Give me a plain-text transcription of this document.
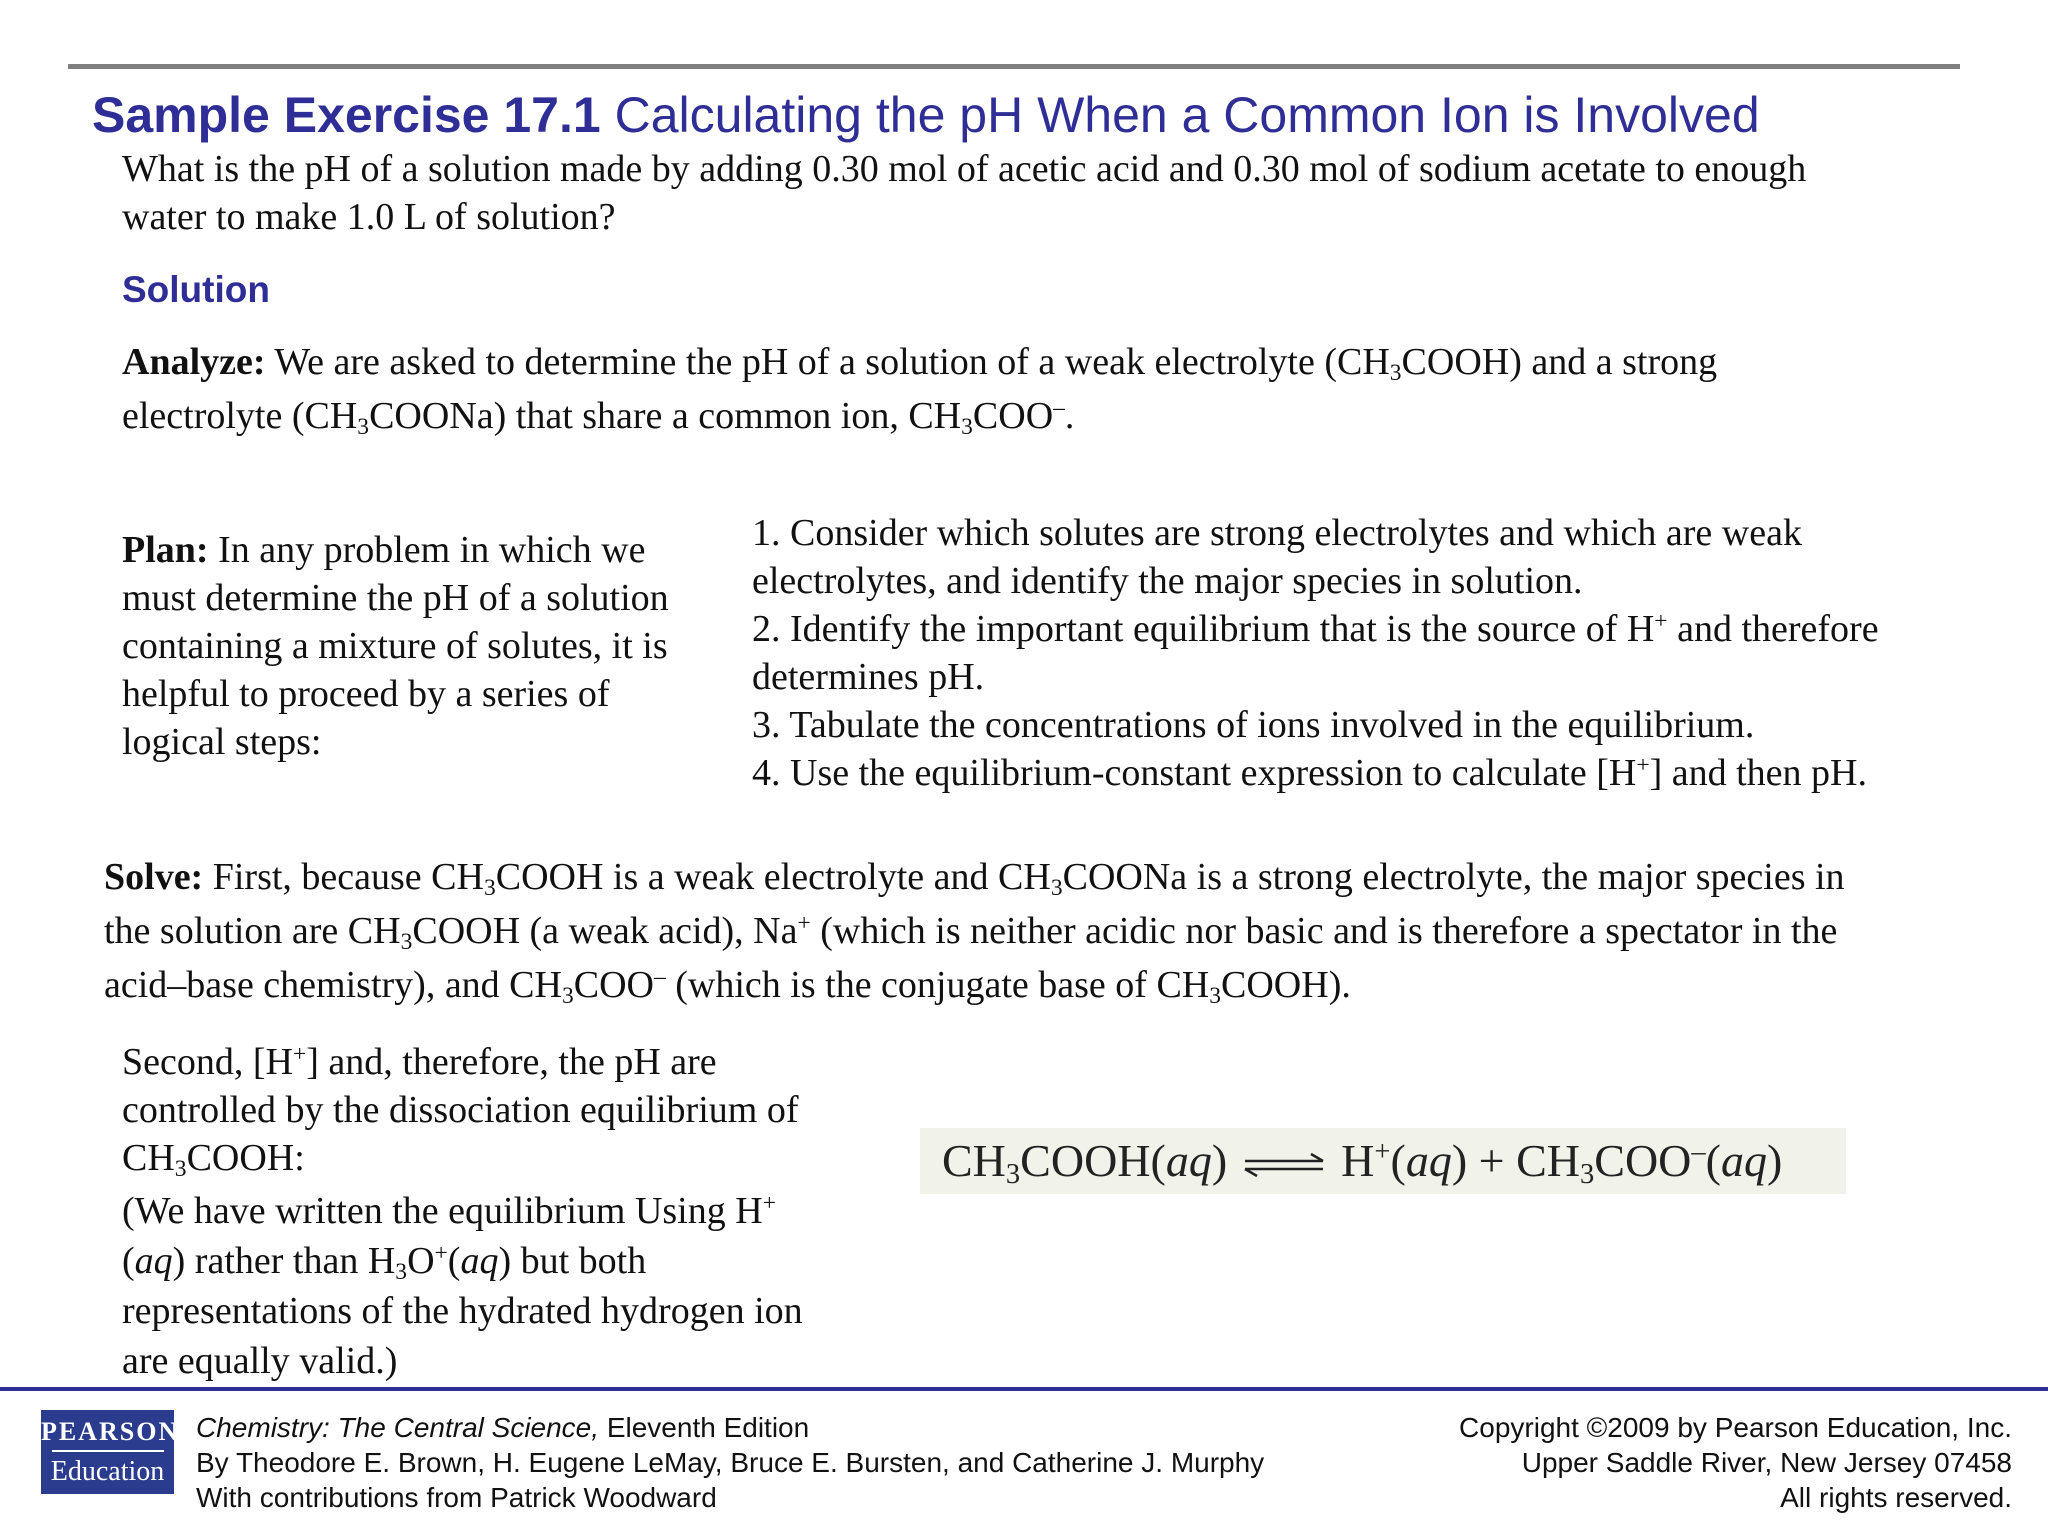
Sample Exercise 17.1 Calculating the pH When a Common Ion is Involved
What is the pH of a solution made by adding 0.30 mol of acetic acid and 0.30 mol of sodium acetate to enough water to make 1.0 L of solution?
Solution
Analyze: We are asked to determine the pH of a solution of a weak electrolyte $(CH_3COOH)$ and a strong electrolyte $(CH_3COONa)$ that share a common ion, $CH_3COO^-$.
Plan: In any problem in which we must determine the pH of a solution containing a mixture of solutes, it is helpful to proceed by a series of logical steps:
1. Consider which solutes are strong electrolytes and which are weak electrolytes, and identify the major species in solution.
2. Identify the important equilibrium that is the source of H+ and therefore determines pH.
3. Tabulate the concentrations of ions involved in the equilibrium.
4. Use the equilibrium-constant expression to calculate [H+] and then pH.
Solve: First, because $CH_3COOH$ is a weak electrolyte and $CH_3COONa$ is a strong electrolyte, the major species in the solution are $CH_3COOH$ (a weak acid), Na+ (which is neither acidic nor basic and is therefore a spectator in the acid–base chemistry), and $CH_3COO^-$ (which is the conjugate base of $CH_3COOH$).
Second, [H+] and, therefore, the pH are controlled by the dissociation equilibrium of $CH_3COOH$:
(We have written the equilibrium Using H+
(aq) rather than $H_3O^+(aq)$ but both representations of the hydrated hydrogen ion are equally valid.)
$CH_3COOH(aq)$ ⇌ $H^+(aq) + CH_3COO^-(aq)$
PEARSON
Education
Chemistry: The Central Science, Eleventh Edition
By Theodore E. Brown, H. Eugene LeMay, Bruce E. Bursten, and Catherine J. Murphy
With contributions from Patrick Woodward
Copyright ©2009 by Pearson Education, Inc.
Upper Saddle River, New Jersey 07458
All rights reserved.
